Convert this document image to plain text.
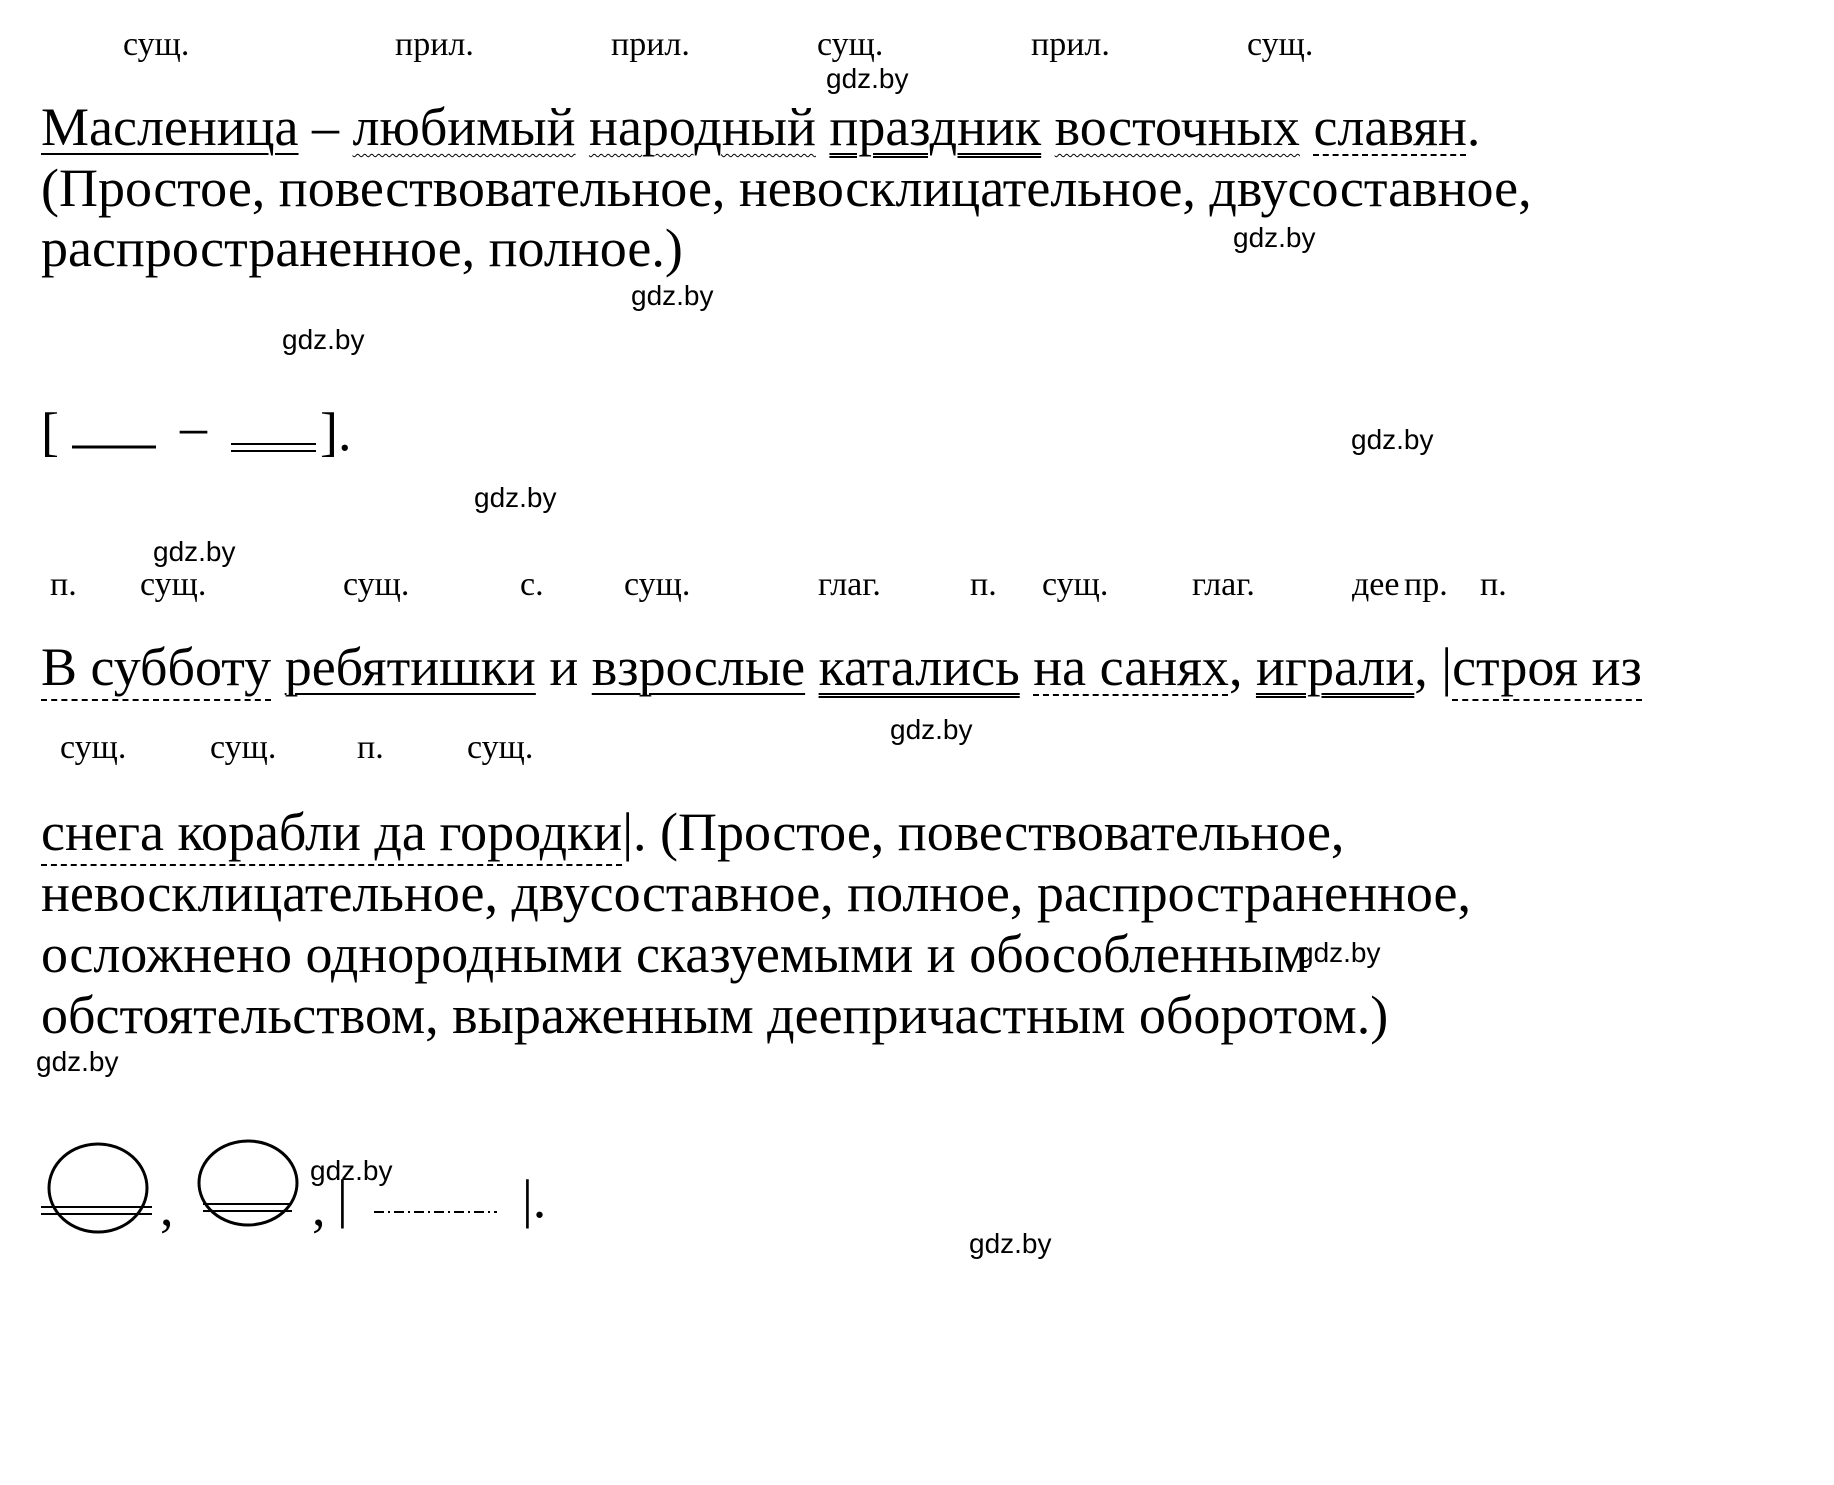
сущ.	прил.	прил.	сущ.	прил.	сущ.
Масленица – любимый народный праздник восточных славян.
(Простое, повествовательное, невосклицательное, двусоставное,
распространенное, полное.)
[ – ].
п. сущ.	сущ.	с. сущ.	глаг.	п. сущ. глаг.	дее пр. п.
В субботу ребятишки и взрослые катались на санях, играли, |строя из
сущ. сущ. п. сущ.
снега корабли да городки|. (Простое, повествовательное,
невосклицательное, двусоставное, полное, распространенное,
осложнено однородными сказуемыми и обособленным
обстоятельством, выраженным деепричастным оборотом.)
,	, |	|.
gdz.by
gdz.by
gdz.by
gdz.by
gdz.by
gdz.by
gdz.by
gdz.by
gdz.by
gdz.by
gdz.by
gdz.by
